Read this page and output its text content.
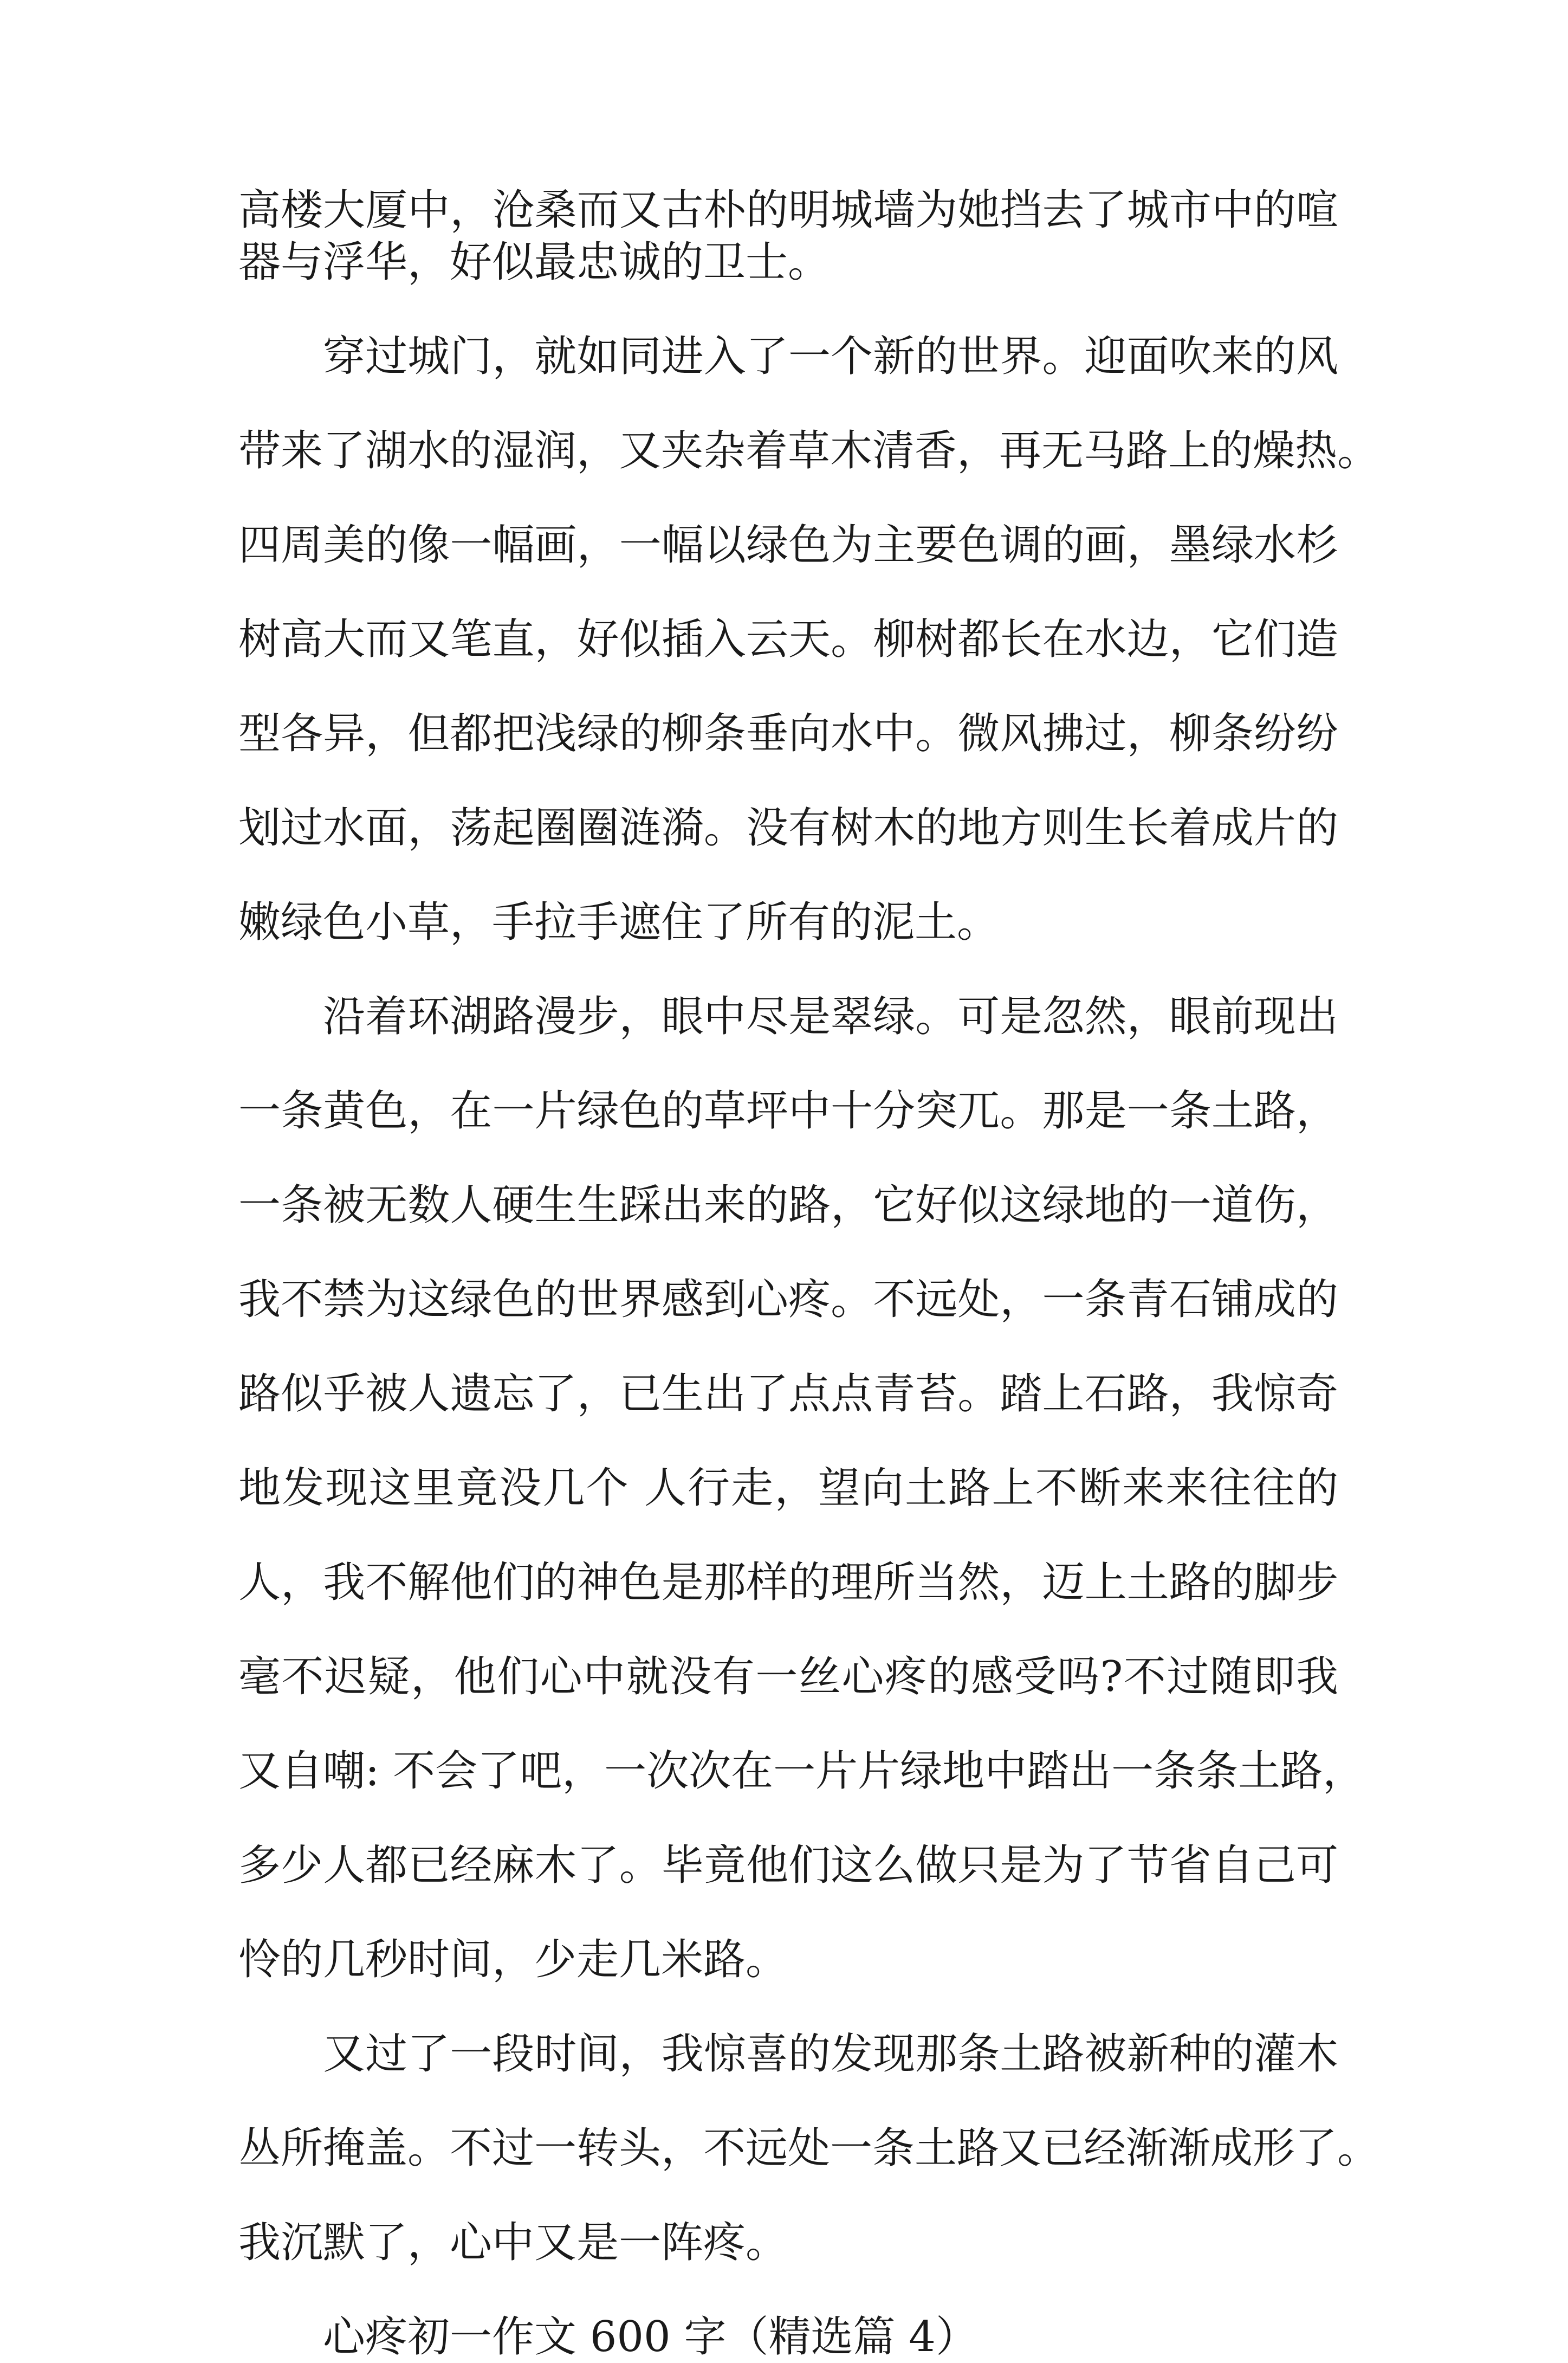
高楼大厦中，沧桑而又古朴的明城墙为她挡去了城市中的喧
器与浮华，好似最忠诚的卫士。
穿过城门，就如同进入了一个新的世界。迎面吹来的风
带来了湖水的湿润，又夹杂着草木清香，再无马路上的燥热。
四周美的像一幅画，一幅以绿色为主要色调的画，墨绿水杉
树高大而又笔直，好似插入云天。柳树都长在水边，它们造
型各异，但都把浅绿的柳条垂向水中。微风拂过，柳条纷纷
划过水面，荡起圈圈涟漪。没有树木的地方则生长着成片的
嫩绿色小草，手拉手遮住了所有的泥土。
沿着环湖路漫步，眼中尽是翠绿。可是忽然，眼前现出
一条黄色，在一片绿色的草坪中十分突兀。那是一条土路，
一条被无数人硬生生踩出来的路，它好似这绿地的一道伤，
我不禁为这绿色的世界感到心疼。不远处，一条青石铺成的
路似乎被人遗忘了，已生出了点点青苔。踏上石路，我惊奇
地发现这里竟没几个 人行走，望向土路上不断来来往往的
人，我不解他们的神色是那样的理所当然，迈上土路的脚步
毫不迟疑，他们心中就没有一丝心疼的感受吗?不过随即我
又自嘲: 不会了吧，一次次在一片片绿地中踏出一条条土路，
多少人都已经麻木了。毕竟他们这么做只是为了节省自己可
怜的几秒时间，少走几米路。
又过了一段时间，我惊喜的发现那条土路被新种的灌木
丛所掩盖。不过一转头，不远处一条土路又已经渐渐成形了。
我沉默了，心中又是一阵疼。
心疼初一作文 600 字（精选篇 4）
